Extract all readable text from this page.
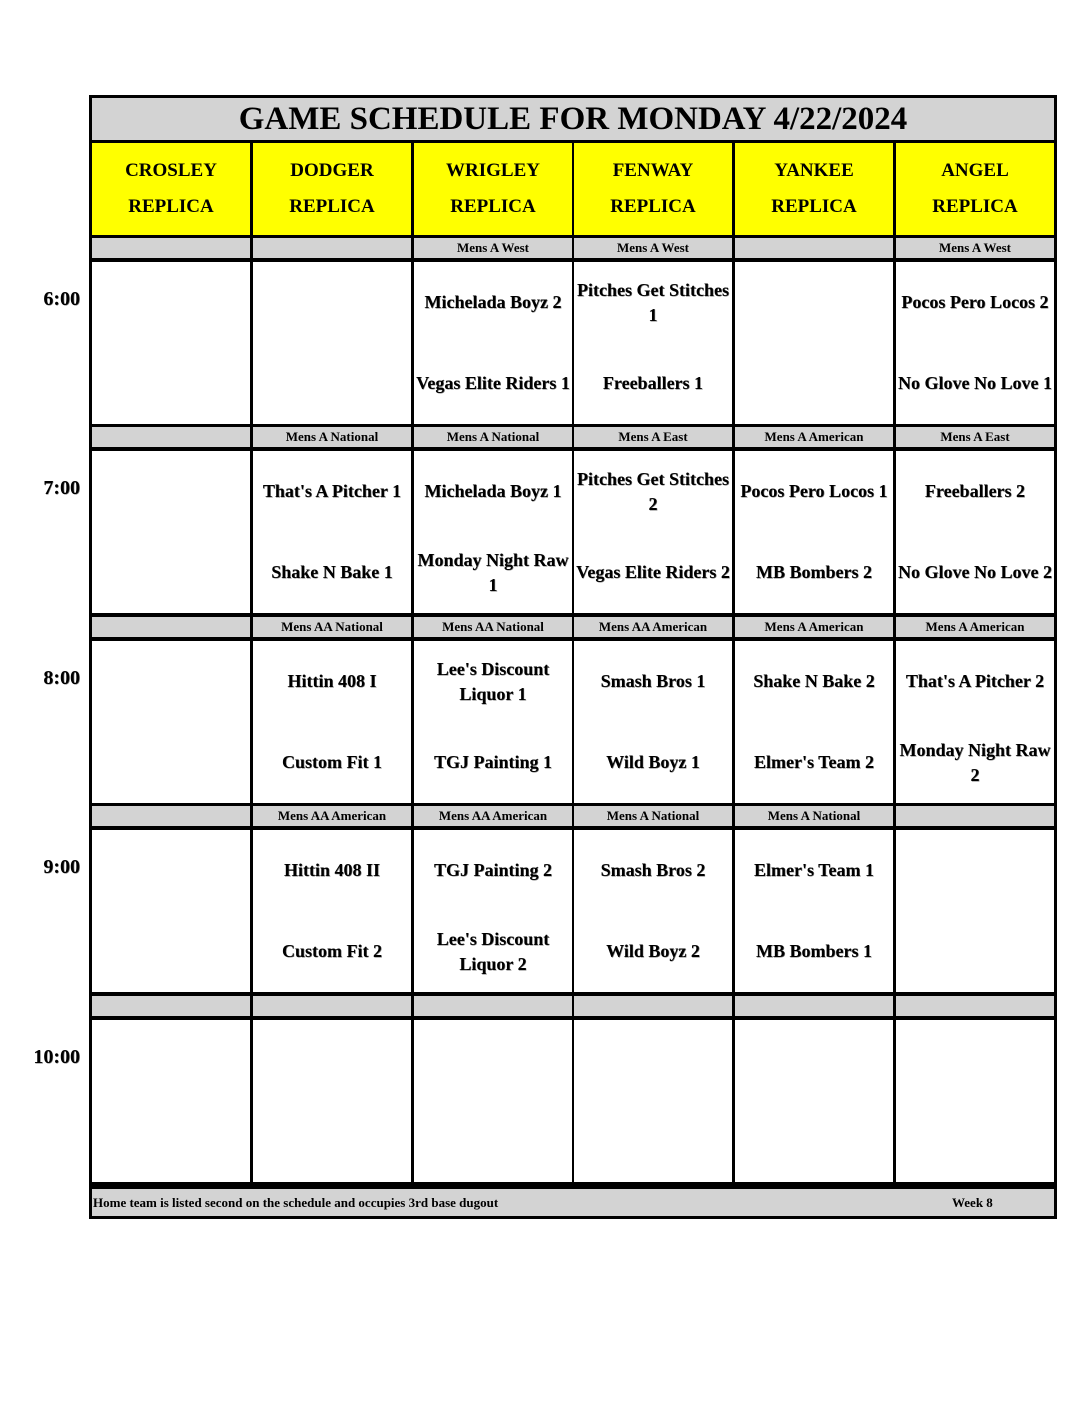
GAME SCHEDULE FOR MONDAY 4/22/2024
CROSLEY
REPLICA
DODGER
REPLICA
WRIGLEY
REPLICA
FENWAY
REPLICA
YANKEE
REPLICA
ANGEL
REPLICA
Mens A West
Michelada Boyz 2
Vegas Elite Riders 1
Mens A West
Pitches Get Stitches 1
Freeballers 1
Mens A West
Pocos Pero Locos 2
No Glove No Love 1
Mens A National
That's A Pitcher 1
Shake N Bake 1
Mens A National
Michelada Boyz 1
Monday Night Raw 1
Mens A East
Pitches Get Stitches 2
Vegas Elite Riders 2
Mens A American
Pocos Pero Locos 1
MB Bombers 2
Mens A East
Freeballers 2
No Glove No Love 2
Mens AA National
Hittin 408 I
Custom Fit 1
Mens AA National
Lee's Discount Liquor 1
TGJ Painting 1
Mens AA American
Smash Bros 1
Wild Boyz 1
Mens A American
Shake N Bake 2
Elmer's Team 2
Mens A American
That's A Pitcher 2
Monday Night Raw 2
Mens AA American
Hittin 408 II
Custom Fit 2
Mens AA American
TGJ Painting 2
Lee's Discount Liquor 2
Mens A National
Smash Bros 2
Wild Boyz 2
Mens A National
Elmer's Team 1
MB Bombers 1
Home team is listed second on the schedule and occupies 3rd base dugout	Week 8
6:00
7:00
8:00
9:00
10:00
